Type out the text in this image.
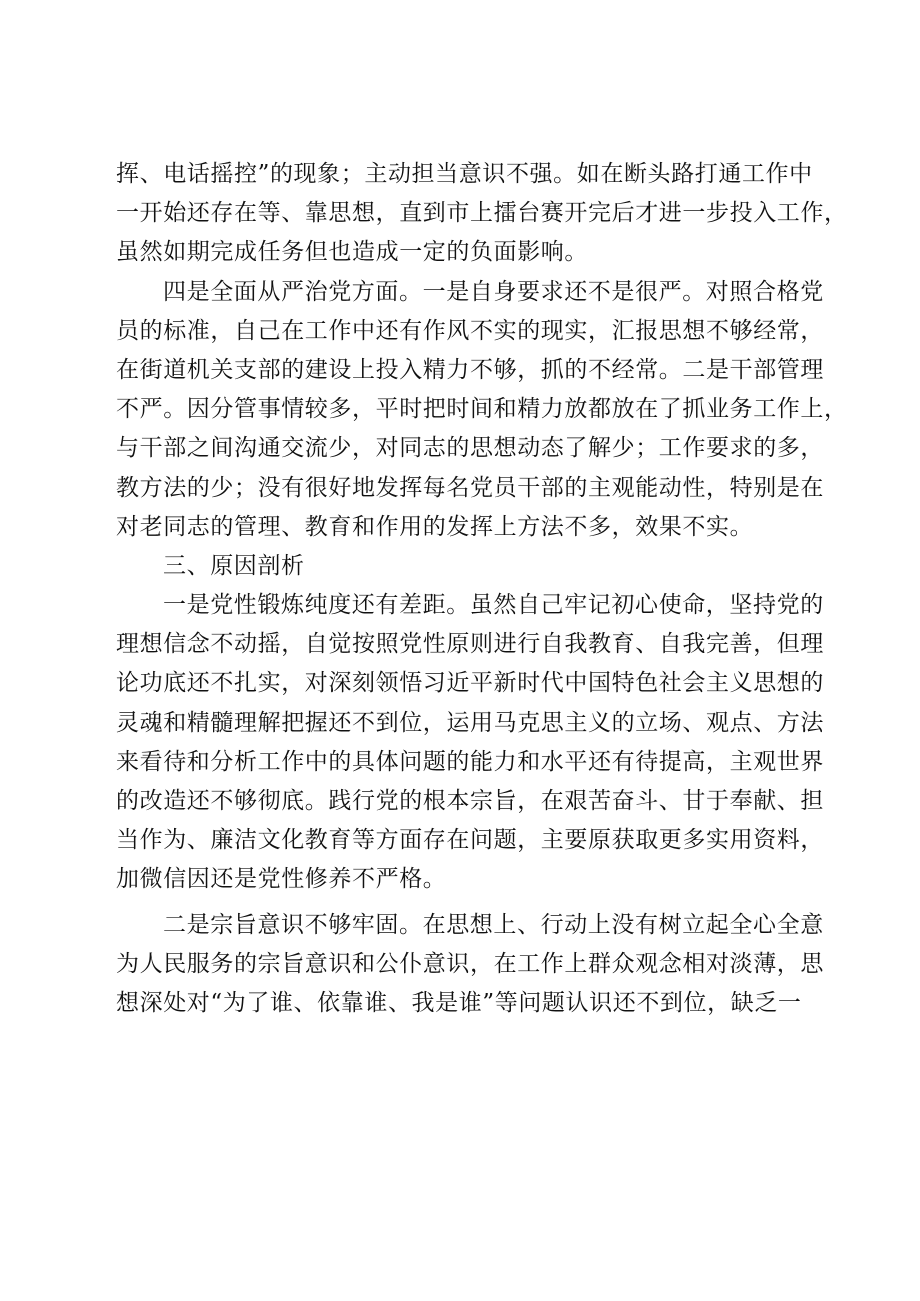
挥、电话摇控”的现象；主动担当意识不强。如在断头路打通工作中
一开始还存在等、靠思想，直到市上擂台赛开完后才进一步投入工作，
虽然如期完成任务但也造成一定的负面影响。
四是全面从严治党方面。一是自身要求还不是很严。对照合格党
员的标准，自己在工作中还有作风不实的现实，汇报思想不够经常，
在街道机关支部的建设上投入精力不够，抓的不经常。二是干部管理
不严。因分管事情较多，平时把时间和精力放都放在了抓业务工作上，
与干部之间沟通交流少，对同志的思想动态了解少；工作要求的多，
教方法的少；没有很好地发挥每名党员干部的主观能动性，特别是在
对老同志的管理、教育和作用的发挥上方法不多，效果不实。
三、原因剖析
一是党性锻炼纯度还有差距。虽然自己牢记初心使命，坚持党的
理想信念不动摇，自觉按照党性原则进行自我教育、自我完善，但理
论功底还不扎实，对深刻领悟习近平新时代中国特色社会主义思想的
灵魂和精髓理解把握还不到位，运用马克思主义的立场、观点、方法
来看待和分析工作中的具体问题的能力和水平还有待提高，主观世界
的改造还不够彻底。践行党的根本宗旨，在艰苦奋斗、甘于奉献、担
当作为、廉洁文化教育等方面存在问题，主要原获取更多实用资料，
加微信因还是党性修养不严格。
二是宗旨意识不够牢固。在思想上、行动上没有树立起全心全意
为人民服务的宗旨意识和公仆意识，在工作上群众观念相对淡薄，思
想深处对“为了谁、依靠谁、我是谁”等问题认识还不到位，缺乏一
